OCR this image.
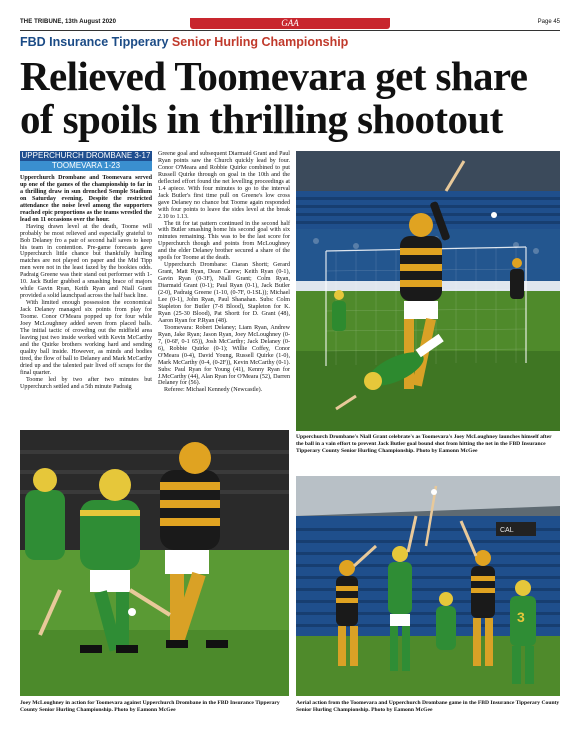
THE TRIBUNE, 13th August 2020	GAA	Page 45
FBD Insurance Tipperary Senior Hurling Championship
Relieved Toomevara get share of spoils in thrilling shootout
UPPERCHURCH DROMBANE 3-17
TOOMEVARA 1-23

Upperchurch Drombane and Toomevara served up one of the games of the championship to far in a thrilling draw in sun drenched Semple Stadium on Saturday evening. Despite the restricted attendance the noise level among the supporters reached epic proportions as the teams wrestled the lead on 11 occasions over the hour.

Having drawn level at the death, Toome will probably be most relieved and especially grateful to Bob Delaney fro a pair of second half saves to keep his team in contention. Pre-game forecasts gave Upperchurch little chance but thankfully hurling matches are not played on paper and the Mid Tipp men were not in the least fazed by the bookies odds. Padraig Greene was their stand out performer with 1-10. Jack Butler grabbed a smashing brace of majors while Gavin Ryan, Keith Ryan and Niall Grant provided a solid launchpad across the half back line.

With limited enough possession the economical Jack Delaney managed six points from play for Toome. Conor O'Meara popped up for four while Joey McLoughney added seven from placed balls. The initial tactic of crowding out the midfield area leaving just two inside worked with Kevin McCarthy and the Quirke brothers working hard and sending quality ball inside. However, as minds and bodies tired, the flow of ball to Delaney and Mark McCarthy dried up and the talented pair lived off scraps for the final quarter.

Toome led by two after two minutes but Upperchurch settled and a 5th minute Padraig

Greene goal and subsequent Diarmaid Grant and Paul Ryan points saw the Church quickly lead by four. Conor O'Meara and Robbie Quirke combined to put Russell Quirke through on goal in the 10th and the deflected effort found the net levelling proceedings at 1.4 apiece. With four minutes to go to the interval Jack Butler's first time pull on Greene's low cross gave Delaney no chance but Toome again responded with four points to leave the sides level at the break 2.10 to 1.13.

The tit for tat pattern continued in the second half with Butler smashing home his second goal with six minutes remaining. This was to be the last score for Upperchurch though and points from McLoughney and the elder Delaney brother secured a share of the spoils for Toome at the death.

Upperchurch Drombane: Ciaran Shortt; Gerard Grant, Matt Ryan, Dean Carew; Keith Ryan (0-1), Gavin Ryan (0-3F), Niall Grant; Colm Ryan, Diarmaid Grant (0-1); Paul Ryan (0-1), Jack Butler (2-0), Padraig Greene (1-10, (0-7F, 0-1SL)); Michael Lee (0-1), John Ryan, Paul Shanahan. Subs: Colm Stapleton for Butler (7-8 Blood), Stapleton for K. Ryan (25-30 Blood), Pat Shortt for D. Grant (48), Aaron Ryan for P.Ryan (48).

Toomevara: Robert Delaney; Liam Ryan, Andrew Ryan, Jake Ryan; Jason Ryan, Joey McLoughney (0-7, (0-6F, 0-1 65)), Josh McCarthy; Jack Delaney (0-6), Robbie Quirke (0-1); Willie Coffey, Conor O'Meara (0-4), David Young, Russell Quirke (1-0), Mark McCarthy (0-4, (0-2F)), Kevin McCarthy (0-1). Subs: Paul Ryan for Young (41), Kenny Ryan for J.McCarthy (44), Alan Ryan for O'Meara (52), Darren Delaney for (56).

Referee: Michael Kennedy (Newcastle).

Upperchurch Drombane's Niall Grant celebrate's as Toomevara's Joey McLoughney launches himself after the ball in a vain effort to prevent Jack Butler goal bound shot from hitting the net in the FBD Insurance Tipperary County Senior Hurling Championship. Photo by Eamonn McGee
Joey McLoughney in action for Toomevara against Upperchurch Drombane in the FBD Insurance Tipperary County Senior Hurling Championship. Photo by Eamonn McGee
CAL
3
Aerial action from the Toomevara and Upperchurch Drombane game in the FBD Insurance Tipperary County Senior Hurling Championship. Photo by Eamonn McGee
